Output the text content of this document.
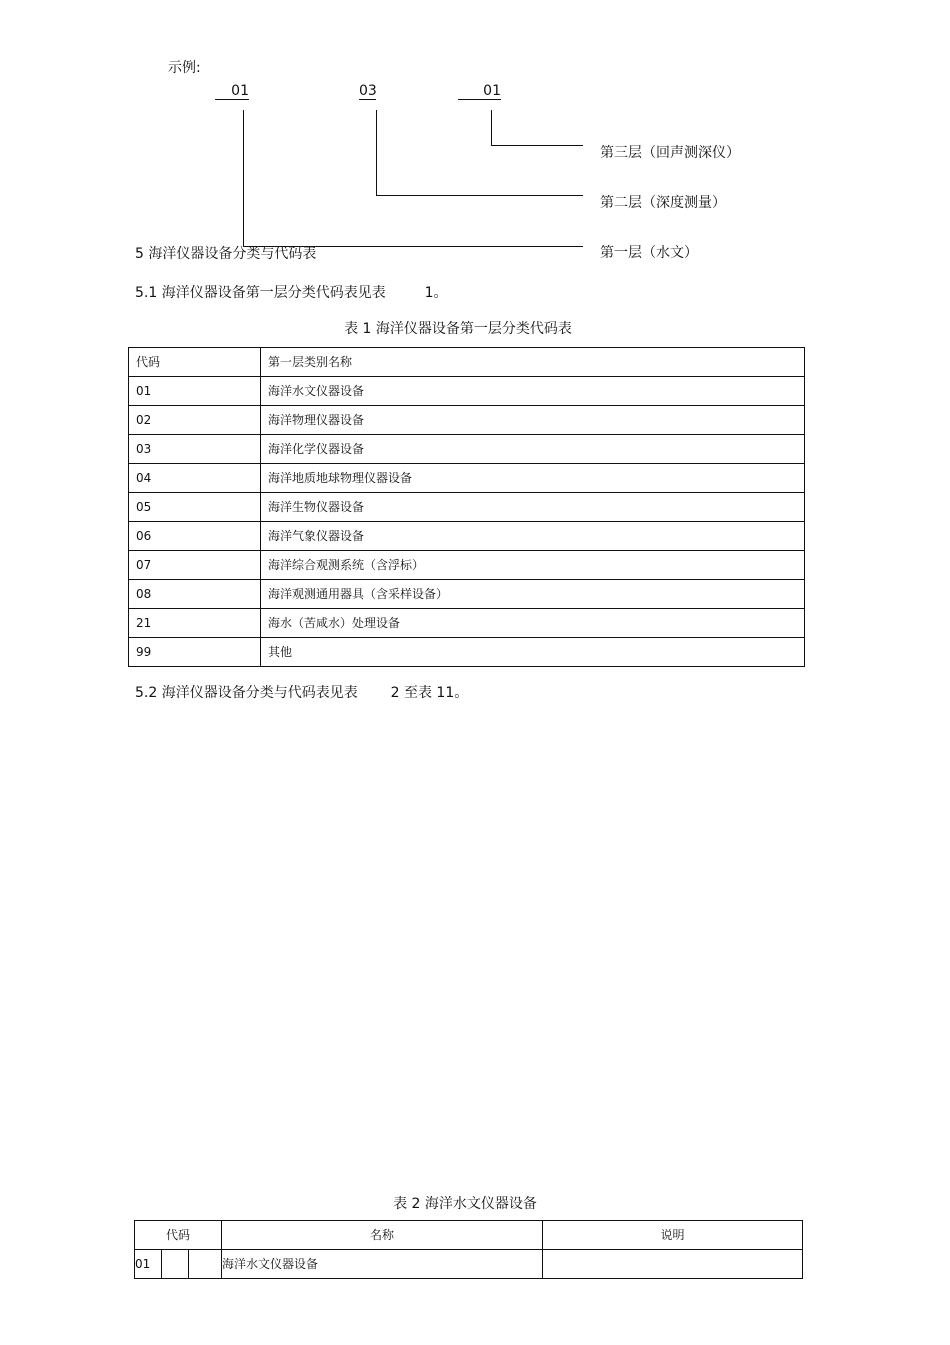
示例:
01	03	01
第三层（回声测深仪）
第二层（深度测量）
第一层（水文）
5 海洋仪器设备分类与代码表
5.1 海洋仪器设备第一层分类代码表见表	1。
表 1 海洋仪器设备第一层分类代码表
代码	第一层类别名称
01	海洋水文仪器设备
02	海洋物理仪器设备
03	海洋化学仪器设备
04	海洋地质地球物理仪器设备
05	海洋生物仪器设备
06	海洋气象仪器设备
07	海洋综合观测系统（含浮标）
08	海洋观测通用器具（含采样设备）
21	海水（苦咸水）处理设备
99	其他
5.2 海洋仪器设备分类与代码表见表 2 至表 11。
表 2 海洋水文仪器设备
代码			名称	说明
01			海洋水文仪器设备	
